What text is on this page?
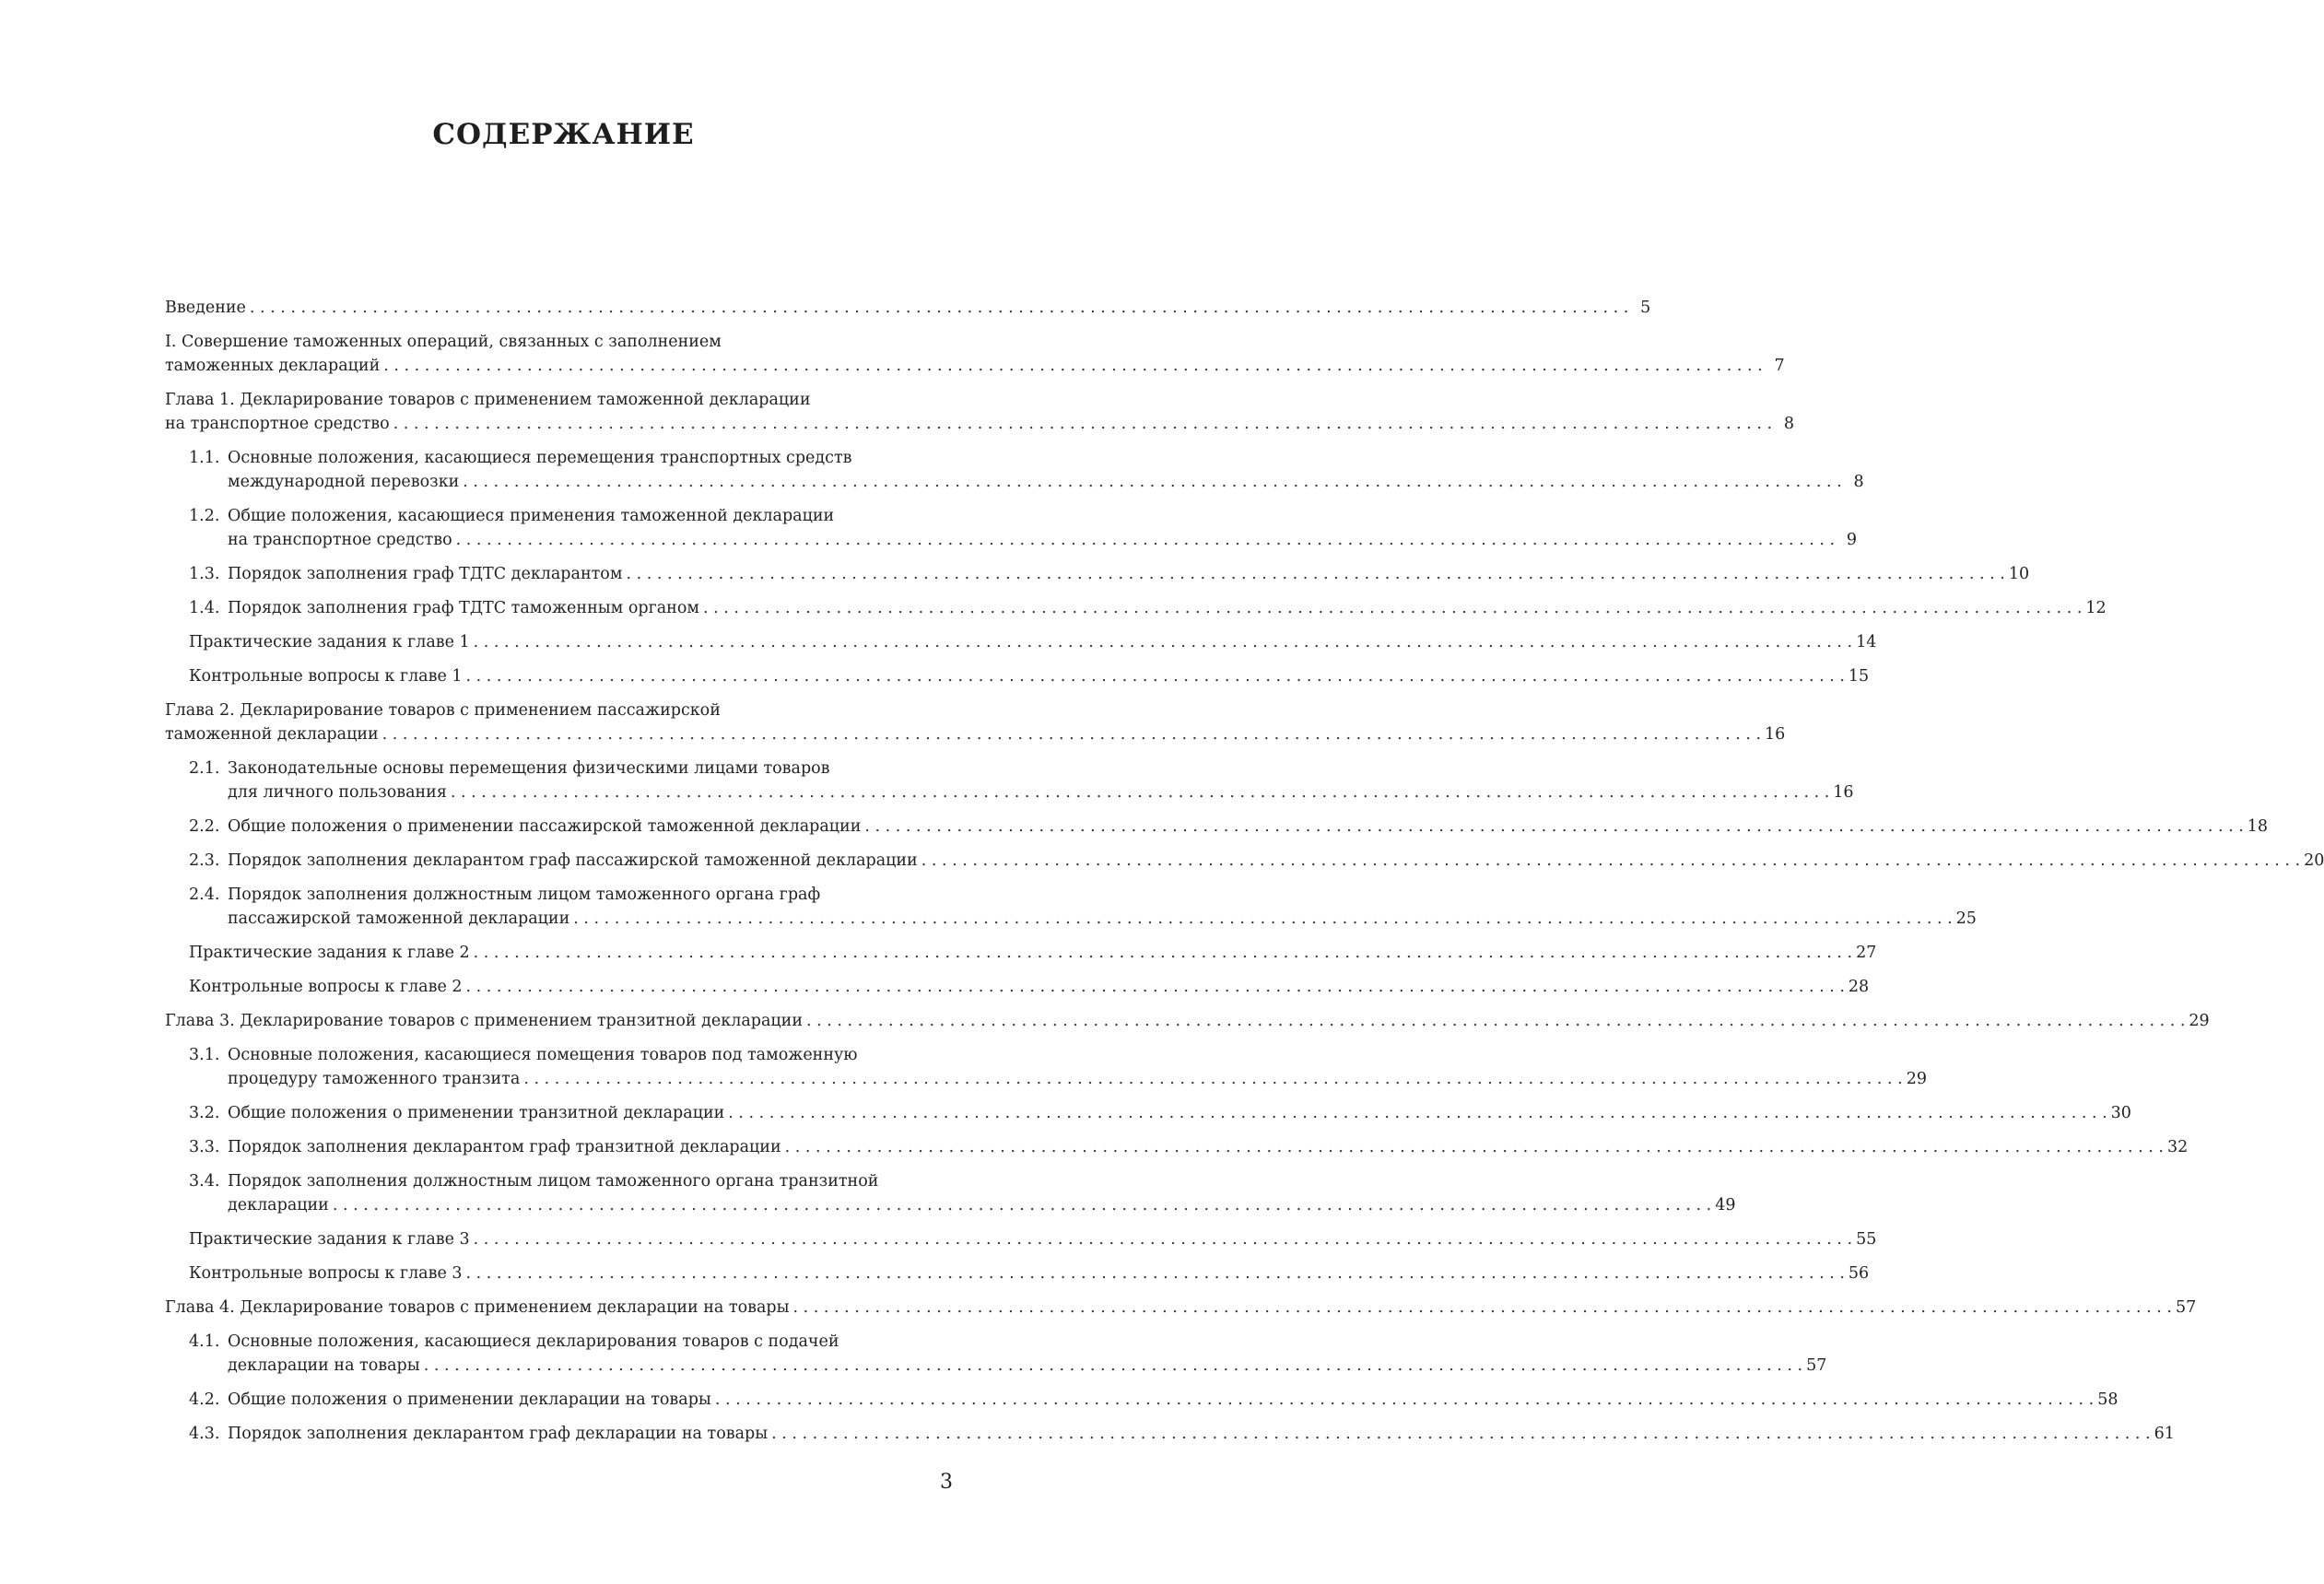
СОДЕРЖАНИЕ
Введение . . .	5
I. Совершение таможенных операций, связанных с заполнением
таможенных деклараций . . .	7
Глава 1. Декларирование товаров с применением таможенной декларации
на транспортное средство . . .	8
1.1. Основные положения, касающиеся перемещения транспортных средств
международной перевозки . . .	8
1.2. Общие положения, касающиеся применения таможенной декларации
на транспортное средство . . .	9
1.3. Порядок заполнения граф ТДТС декларантом . . .	10
1.4. Порядок заполнения граф ТДТС таможенным органом . . .	12
Практические задания к главе 1 . . .	14
Контрольные вопросы к главе 1 . . .	15
Глава 2. Декларирование товаров с применением пассажирской
таможенной декларации . . .	16
2.1. Законодательные основы перемещения физическими лицами товаров
для личного пользования . . .	16
2.2. Общие положения о применении пассажирской таможенной декларации . . .	18
2.3. Порядок заполнения декларантом граф пассажирской таможенной декларации . . .	20
2.4. Порядок заполнения должностным лицом таможенного органа граф
пассажирской таможенной декларации . . .	25
Практические задания к главе 2 . . .	27
Контрольные вопросы к главе 2 . . .	28
Глава 3. Декларирование товаров с применением транзитной декларации . . .	29
3.1. Основные положения, касающиеся помещения товаров под таможенную
процедуру таможенного транзита . . .	29
3.2. Общие положения о применении транзитной декларации . . .	30
3.3. Порядок заполнения декларантом граф транзитной декларации . . .	32
3.4. Порядок заполнения должностным лицом таможенного органа транзитной
декларации . . .	49
Практические задания к главе 3 . . .	55
Контрольные вопросы к главе 3 . . .	56
Глава 4. Декларирование товаров с применением декларации на товары . . .	57
4.1. Основные положения, касающиеся декларирования товаров с подачей
декларации на товары . . .	57
4.2. Общие положения о применении декларации на товары . . .	58
4.3. Порядок заполнения декларантом граф декларации на товары . . .	61
3
